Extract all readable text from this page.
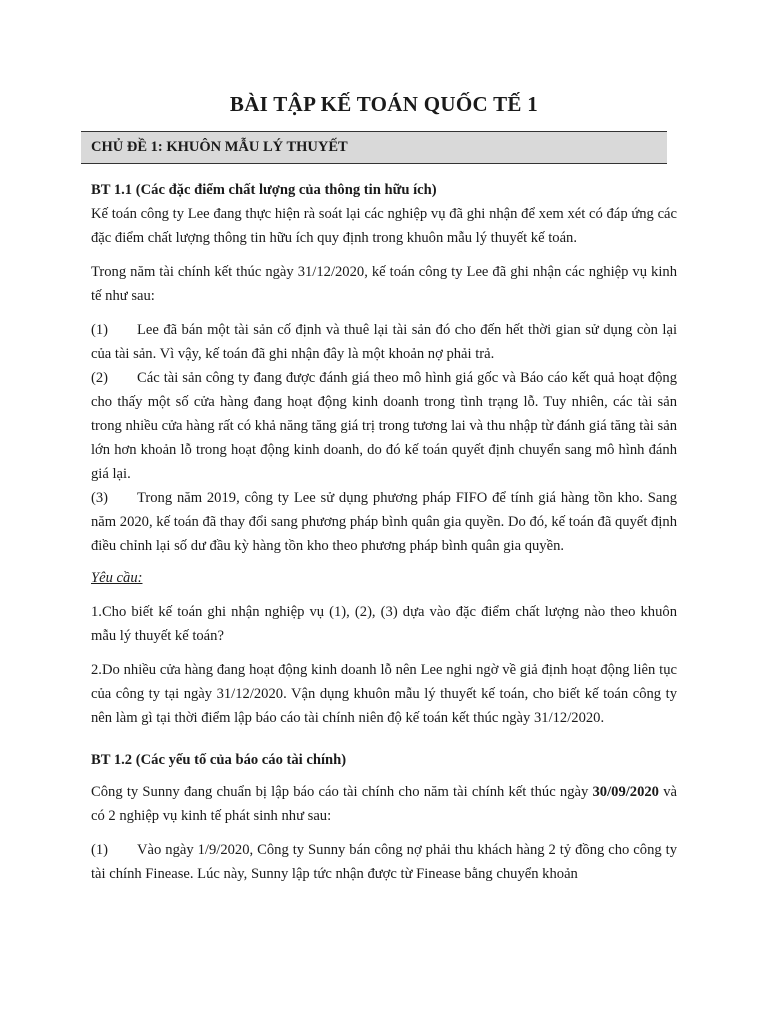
BÀI TẬP KẾ TOÁN QUỐC TẾ 1
CHỦ ĐỀ 1: KHUÔN MẪU LÝ THUYẾT

BT 1.1 (Các đặc điểm chất lượng của thông tin hữu ích)

Kế toán công ty Lee đang thực hiện rà soát lại các nghiệp vụ đã ghi nhận để xem xét có đáp ứng các đặc điểm chất lượng thông tin hữu ích quy định trong khuôn mẫu lý thuyết kế toán.

Trong năm tài chính kết thúc ngày 31/12/2020, kế toán công ty Lee đã ghi nhận các nghiệp vụ kinh tế như sau:

(1) Lee đã bán một tài sản cố định và thuê lại tài sản đó cho đến hết thời gian sử dụng còn lại của tài sản. Vì vậy, kế toán đã ghi nhận đây là một khoản nợ phải trả.

(2) Các tài sản công ty đang được đánh giá theo mô hình giá gốc và Báo cáo kết quả hoạt động cho thấy một số cửa hàng đang hoạt động kinh doanh trong tình trạng lỗ. Tuy nhiên, các tài sản trong nhiều cửa hàng rất có khả năng tăng giá trị trong tương lai và thu nhập từ đánh giá tăng tài sản lớn hơn khoản lỗ trong hoạt động kinh doanh, do đó kế toán quyết định chuyển sang mô hình đánh giá lại.

(3) Trong năm 2019, công ty Lee sử dụng phương pháp FIFO để tính giá hàng tồn kho. Sang năm 2020, kế toán đã thay đổi sang phương pháp bình quân gia quyền. Do đó, kế toán đã quyết định điều chỉnh lại số dư đầu kỳ hàng tồn kho theo phương pháp bình quân gia quyền.

Yêu cầu:

1.Cho biết kế toán ghi nhận nghiệp vụ (1), (2), (3) dựa vào đặc điểm chất lượng nào theo khuôn mẫu lý thuyết kế toán?

2.Do nhiều cửa hàng đang hoạt động kinh doanh lỗ nên Lee nghi ngờ về giả định hoạt động liên tục của công ty tại ngày 31/12/2020. Vận dụng khuôn mẫu lý thuyết kế toán, cho biết kế toán công ty nên làm gì tại thời điểm lập báo cáo tài chính niên độ kế toán kết thúc ngày 31/12/2020.

BT 1.2 (Các yếu tố của báo cáo tài chính)

Công ty Sunny đang chuẩn bị lập báo cáo tài chính cho năm tài chính kết thúc ngày 30/09/2020 và có 2 nghiệp vụ kinh tế phát sinh như sau:

(1) Vào ngày 1/9/2020, Công ty Sunny bán công nợ phải thu khách hàng 2 tỷ đồng cho công ty tài chính Finease. Lúc này, Sunny lập tức nhận được từ Finease bằng chuyển khoản
